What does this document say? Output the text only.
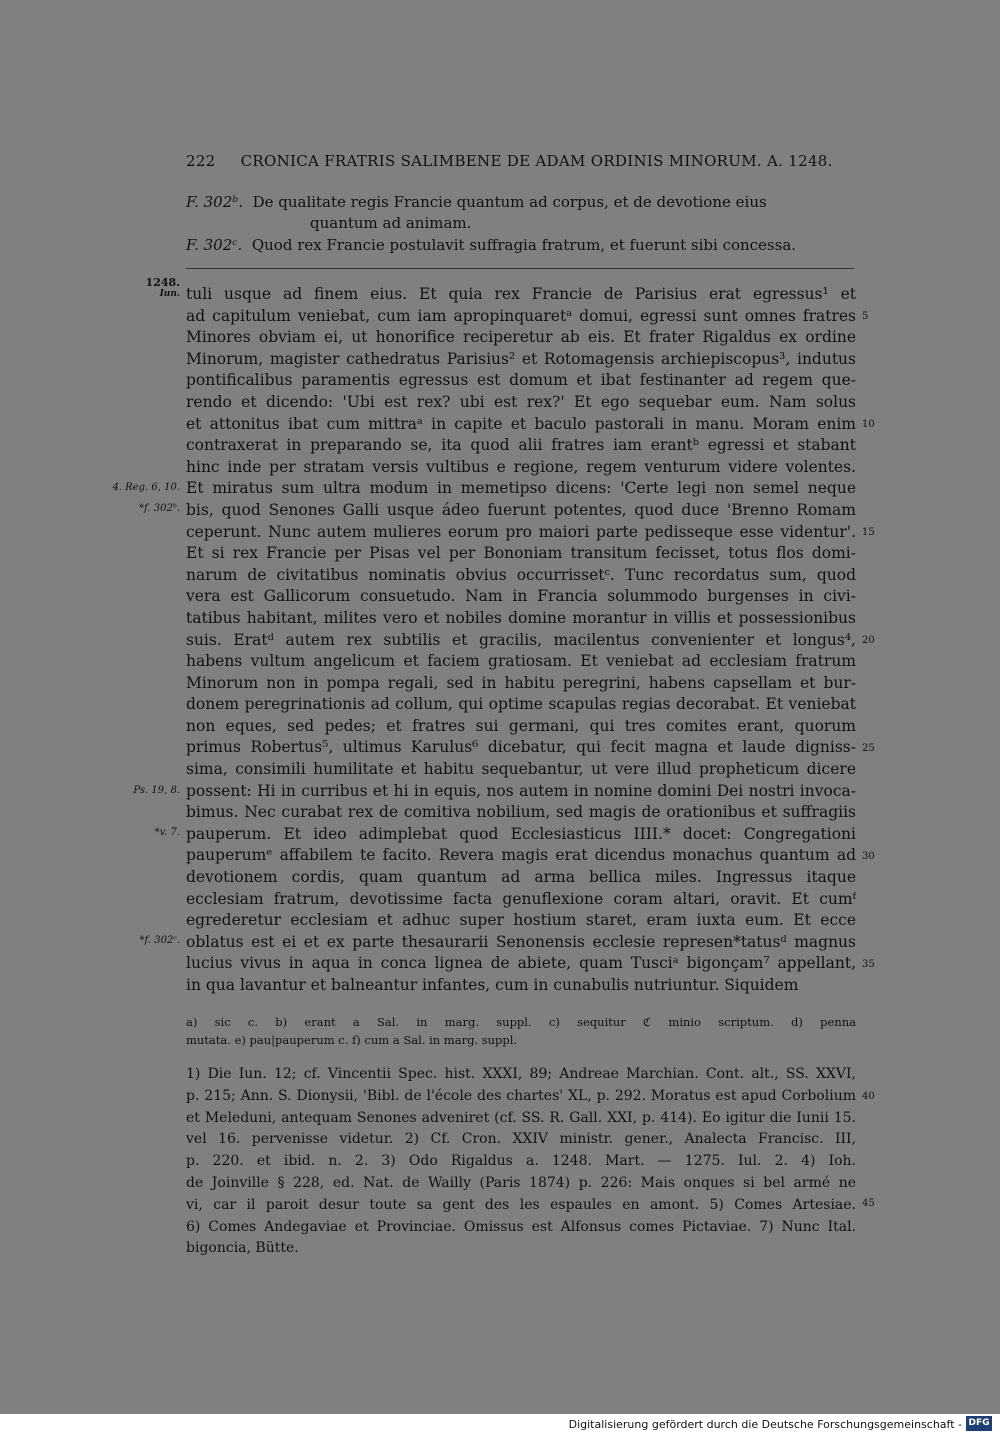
222 CRONICA FRATRIS SALIMBENE DE ADAM ORDINIS MINORUM. A. 1248.
F. 302ᵇ. De qualitate regis Francie quantum ad corpus, et de devotione eius
quantum ad animam.
F. 302ᶜ. Quod rex Francie postulavit suffragia fratrum, et fuerunt sibi concessa.
1248.
Iun.
4. Reg. 6, 10.
*f. 302ᵇ.
Ps. 19, 8.
*v. 7.
*f. 302ᶜ.
5
10
15
20
25
30
35
tuli usque ad finem eius. Et quia rex Francie de Parisius erat egressus¹ et
ad capitulum veniebat, cum iam apropinquaretᵃ domui, egressi sunt omnes fratres
Minores obviam ei, ut honorifice reciperetur ab eis. Et frater Rigaldus ex ordine
Minorum, magister cathedratus Parisius² et Rotomagensis archiepiscopus³, indutus
pontificalibus paramentis egressus est domum et ibat festinanter ad regem que-
rendo et dicendo: 'Ubi est rex? ubi est rex?' Et ego sequebar eum. Nam solus
et attonitus ibat cum mittraᵃ in capite et baculo pastorali in manu. Moram enim
contraxerat in preparando se, ita quod alii fratres iam erantᵇ egressi et stabant
hinc inde per stratam versis vultibus e regione, regem venturum videre volentes.
Et miratus sum ultra modum in memetipso dicens: 'Certe legi non semel neque
bis, quod Senones Galli usque ádeo fuerunt potentes, quod duce 'Brenno Romam
ceperunt. Nunc autem mulieres eorum pro maiori parte pedisseque esse videntur'.
Et si rex Francie per Pisas vel per Bononiam transitum fecisset, totus flos domi-
narum de civitatibus nominatis obvius occurrissetᶜ. Tunc recordatus sum, quod
vera est Gallicorum consuetudo. Nam in Francia solummodo burgenses in civi-
tatibus habitant, milites vero et nobiles domine morantur in villis et possessionibus
suis. Eratᵈ autem rex subtilis et gracilis, macilentus convenienter et longus⁴,
habens vultum angelicum et faciem gratiosam. Et veniebat ad ecclesiam fratrum
Minorum non in pompa regali, sed in habitu peregrini, habens capsellam et bur-
donem peregrinationis ad collum, qui optime scapulas regias decorabat. Et veniebat
non eques, sed pedes; et fratres sui germani, qui tres comites erant, quorum
primus Robertus⁵, ultimus Karulus⁶ dicebatur, qui fecit magna et laude digniss-
sima, consimili humilitate et habitu sequebantur, ut vere illud propheticum dicere
possent: Hi in curribus et hi in equis, nos autem in nomine domini Dei nostri invoca-
bimus. Nec curabat rex de comitiva nobilium, sed magis de orationibus et suffragiis
pauperum. Et ideo adimplebat quod Ecclesiasticus IIII.* docet: Congregationi
pauperumᵉ affabilem te facito. Revera magis erat dicendus monachus quantum ad
devotionem cordis, quam quantum ad arma bellica miles. Ingressus itaque
ecclesiam fratrum, devotissime facta genuflexione coram altari, oravit. Et cumᶠ
egrederetur ecclesiam et adhuc super hostium staret, eram iuxta eum. Et ecce
oblatus est ei et ex parte thesaurarii Senonensis ecclesie represen*tatusᵈ magnus
lucius vivus in aqua in conca lignea de abiete, quam Tusciᵃ bigonçam⁷ appellant,
in qua lavantur et balneantur infantes, cum in cunabulis nutriuntur. Siquidem
a) sic c. b) erant a Sal. in marg. suppl. c) sequitur ℭ minio scriptum. d) penna
mutata. e) pau|pauperum c. f) cum a Sal. in marg. suppl.
1) Die Iun. 12; cf. Vincentii Spec. hist. XXXI, 89; Andreae Marchian. Cont. alt., SS. XXVI,
p. 215; Ann. S. Dionysii, 'Bibl. de l'école des chartes' XL, p. 292. Moratus est apud Corbolium
et Meleduni, antequam Senones adveniret (cf. SS. R. Gall. XXI, p. 414). Eo igitur die Iunii 15.
vel 16. pervenisse videtur. 2) Cf. Cron. XXIV ministr. gener., Analecta Francisc. III,
p. 220. et ibid. n. 2. 3) Odo Rigaldus a. 1248. Mart. — 1275. Iul. 2. 4) Ioh.
de Joinville § 228, ed. Nat. de Wailly (Paris 1874) p. 226: Mais onques si bel armé ne
vi, car il paroit desur toute sa gent des les espaules en amont. 5) Comes Artesiae.
6) Comes Andegaviae et Provinciae. Omissus est Alfonsus comes Pictaviae. 7) Nunc Ital.
bigoncia, Bütte.
40
45
Digitalisierung gefördert durch die Deutsche Forschungsgemeinschaft - DFG
